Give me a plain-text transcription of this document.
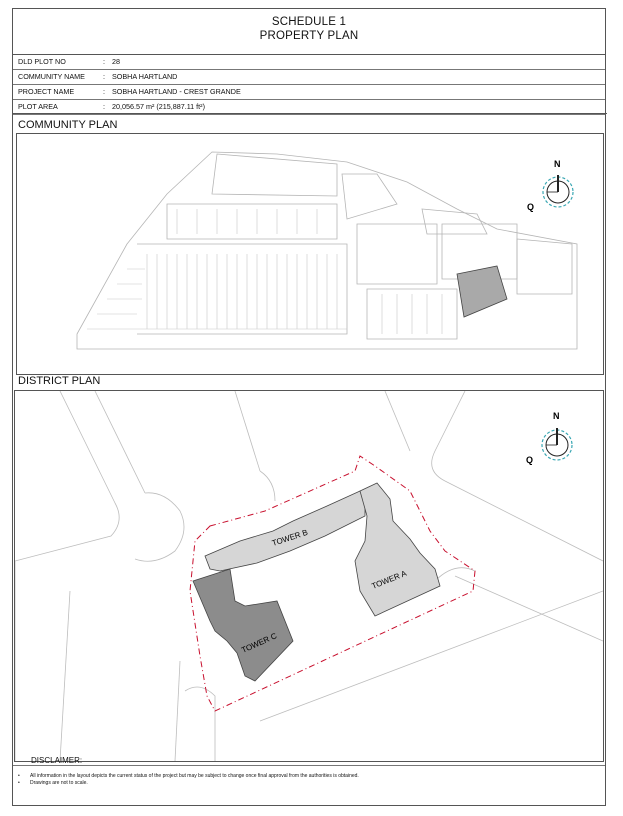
SCHEDULE 1
PROPERTY PLAN
DLD PLOT NO	: 28
COMMUNITY NAME	: SOBHA HARTLAND
PROJECT NAME	: SOBHA HARTLAND - CREST GRANDE
PLOT AREA	: 20,056.57 m² (215,887.11 ft²)
COMMUNITY PLAN
N
Q
DISTRICT PLAN
TOWER B
TOWER A
TOWER C
N
Q
DISCLAIMER:
• All information in the layout depicts the current status of the project but may be subject to change once final approval from the authorities is obtained.
• Drawings are not to scale.
